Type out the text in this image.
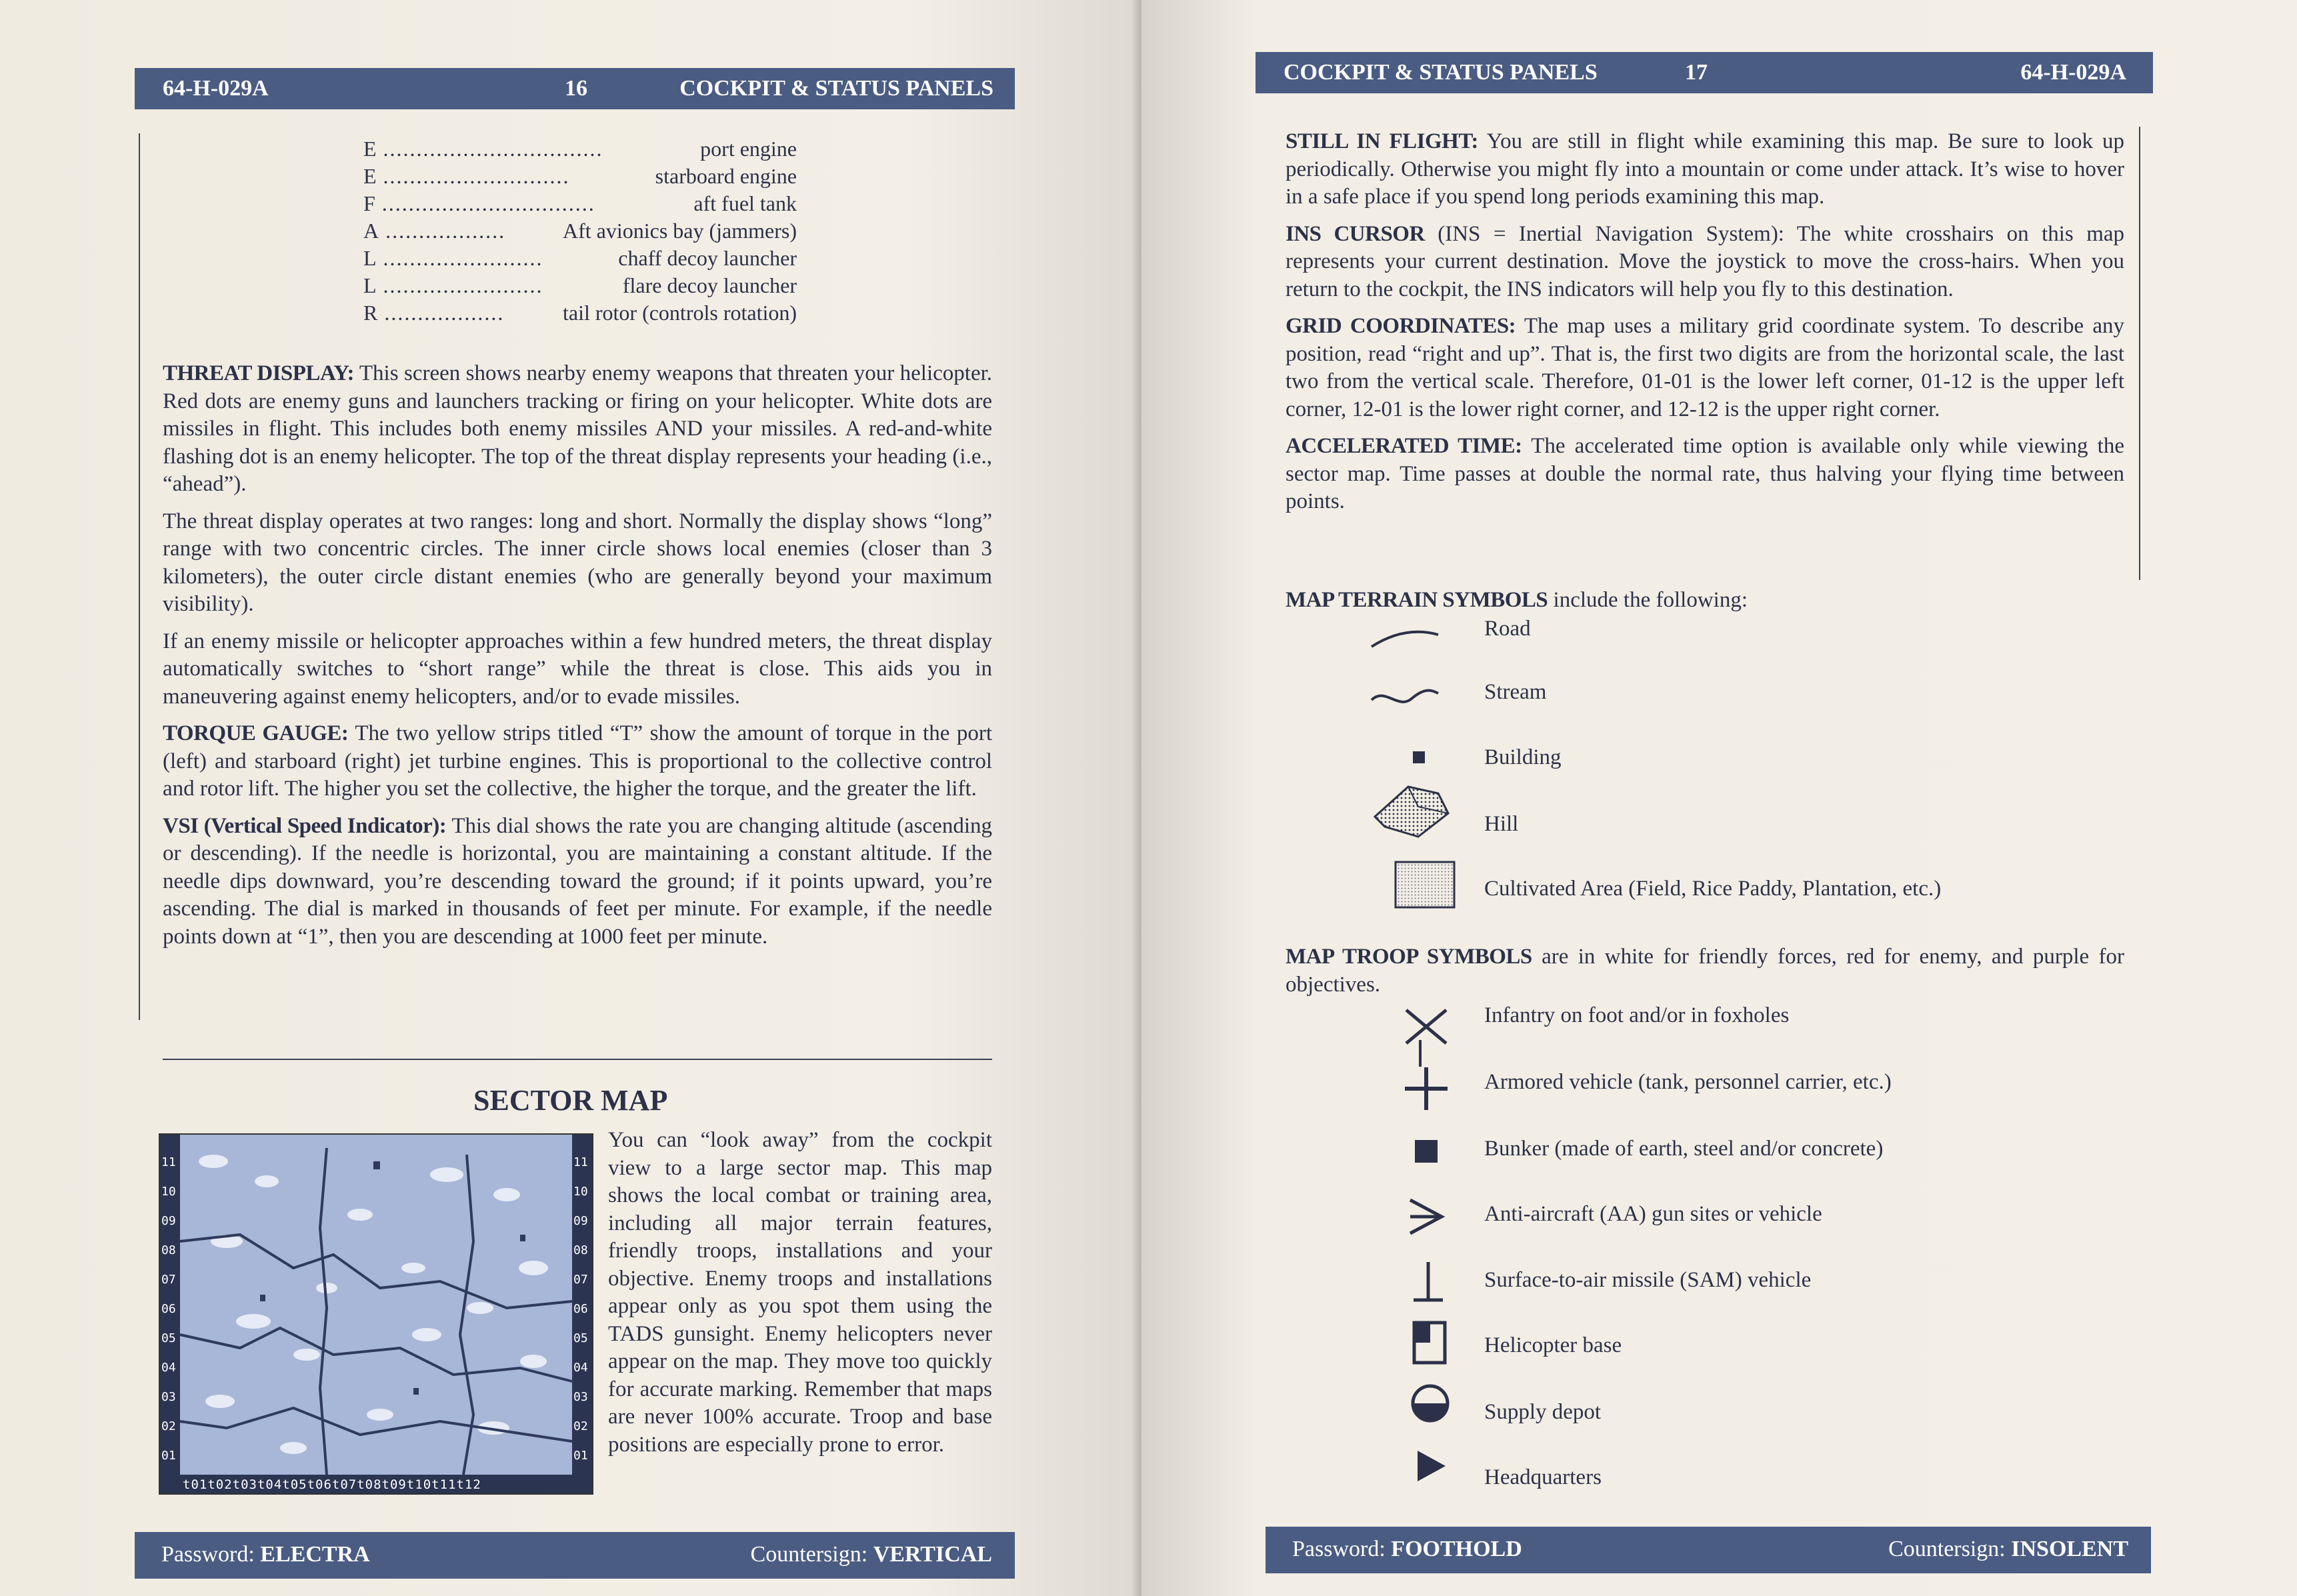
64-H-029A	16	COCKPIT & STATUS PANELS
E .................................	port engine
E ............................	starboard engine
F ................................	aft fuel tank
A ..................	Aft avionics bay (jammers)
L ........................	chaff decoy launcher
L ........................	flare decoy launcher
R ..................	tail rotor (controls rotation)

THREAT DISPLAY: This screen shows nearby enemy weapons that threaten your helicopter. Red dots are enemy guns and launchers tracking or firing on your helicopter. White dots are missiles in flight. This includes both enemy missiles AND your missiles. A red-and-white flashing dot is an enemy helicopter. The top of the threat display represents your heading (i.e., “ahead”).

The threat display operates at two ranges: long and short. Normally the display shows “long” range with two concentric circles. The inner circle shows local enemies (closer than 3 kilometers), the outer circle distant enemies (who are generally beyond your maximum visibility).

If an enemy missile or helicopter approaches within a few hundred meters, the threat display automatically switches to “short range” while the threat is close. This aids you in maneuvering against enemy helicopters, and/or to evade missiles.

TORQUE GAUGE: The two yellow strips titled “T” show the amount of torque in the port (left) and starboard (right) jet turbine engines. This is proportional to the collective control and rotor lift. The higher you set the collective, the higher the torque, and the greater the lift.

VSI (Vertical Speed Indicator): This dial shows the rate you are changing altitude (ascending or descending). If the needle is horizontal, you are maintaining a constant altitude. If the needle dips downward, you’re descending toward the ground; if it points upward, you’re ascending. The dial is marked in thousands of feet per minute. For example, if the needle points down at “1”, then you are descending at 1000 feet per minute.

SECTOR MAP
t01t02t03t04t05t06t07t08t09t10t11t12
11
10
09
08
07
06
05
04
03
02
01
11
10
09
08
07
06
05
04
03
02
01
You can “look away” from the cockpit view to a large sector map. This map shows the local combat or training area, including all major terrain features, friendly troops, installations and your objective. Enemy troops and installations appear only as you spot them using the TADS gunsight. Enemy helicopters never appear on the map. They move too quickly for accurate marking. Remember that maps are never 100% accurate. Troop and base positions are especially prone to error.
Password: ELECTRA	Countersign: VERTICAL
COCKPIT & STATUS PANELS	17	64-H-029A

STILL IN FLIGHT: You are still in flight while examining this map. Be sure to look up periodically. Otherwise you might fly into a mountain or come under attack. It’s wise to hover in a safe place if you spend long periods examining this map.

INS CURSOR (INS = Inertial Navigation System): The white crosshairs on this map represents your current destination. Move the joystick to move the cross-hairs. When you return to the cockpit, the INS indicators will help you fly to this destination.

GRID COORDINATES: The map uses a military grid coordinate system. To describe any position, read “right and up”. That is, the first two digits are from the horizontal scale, the last two from the vertical scale. Therefore, 01-01 is the lower left corner, 01-12 is the upper left corner, 12-01 is the lower right corner, and 12-12 is the upper right corner.

ACCELERATED TIME: The accelerated time option is available only while viewing the sector map. Time passes at double the normal rate, thus halving your flying time between points.

MAP TERRAIN SYMBOLS include the following:
Road
Stream
Building
Hill
Cultivated Area (Field, Rice Paddy, Plantation, etc.)
MAP TROOP SYMBOLS are in white for friendly forces, red for enemy, and purple for objectives.
Infantry on foot and/or in foxholes
Armored vehicle (tank, personnel carrier, etc.)
Bunker (made of earth, steel and/or concrete)
Anti-aircraft (AA) gun sites or vehicle
Surface-to-air missile (SAM) vehicle
Helicopter base
Supply depot
Headquarters
Password: FOOTHOLD	Countersign: INSOLENT
